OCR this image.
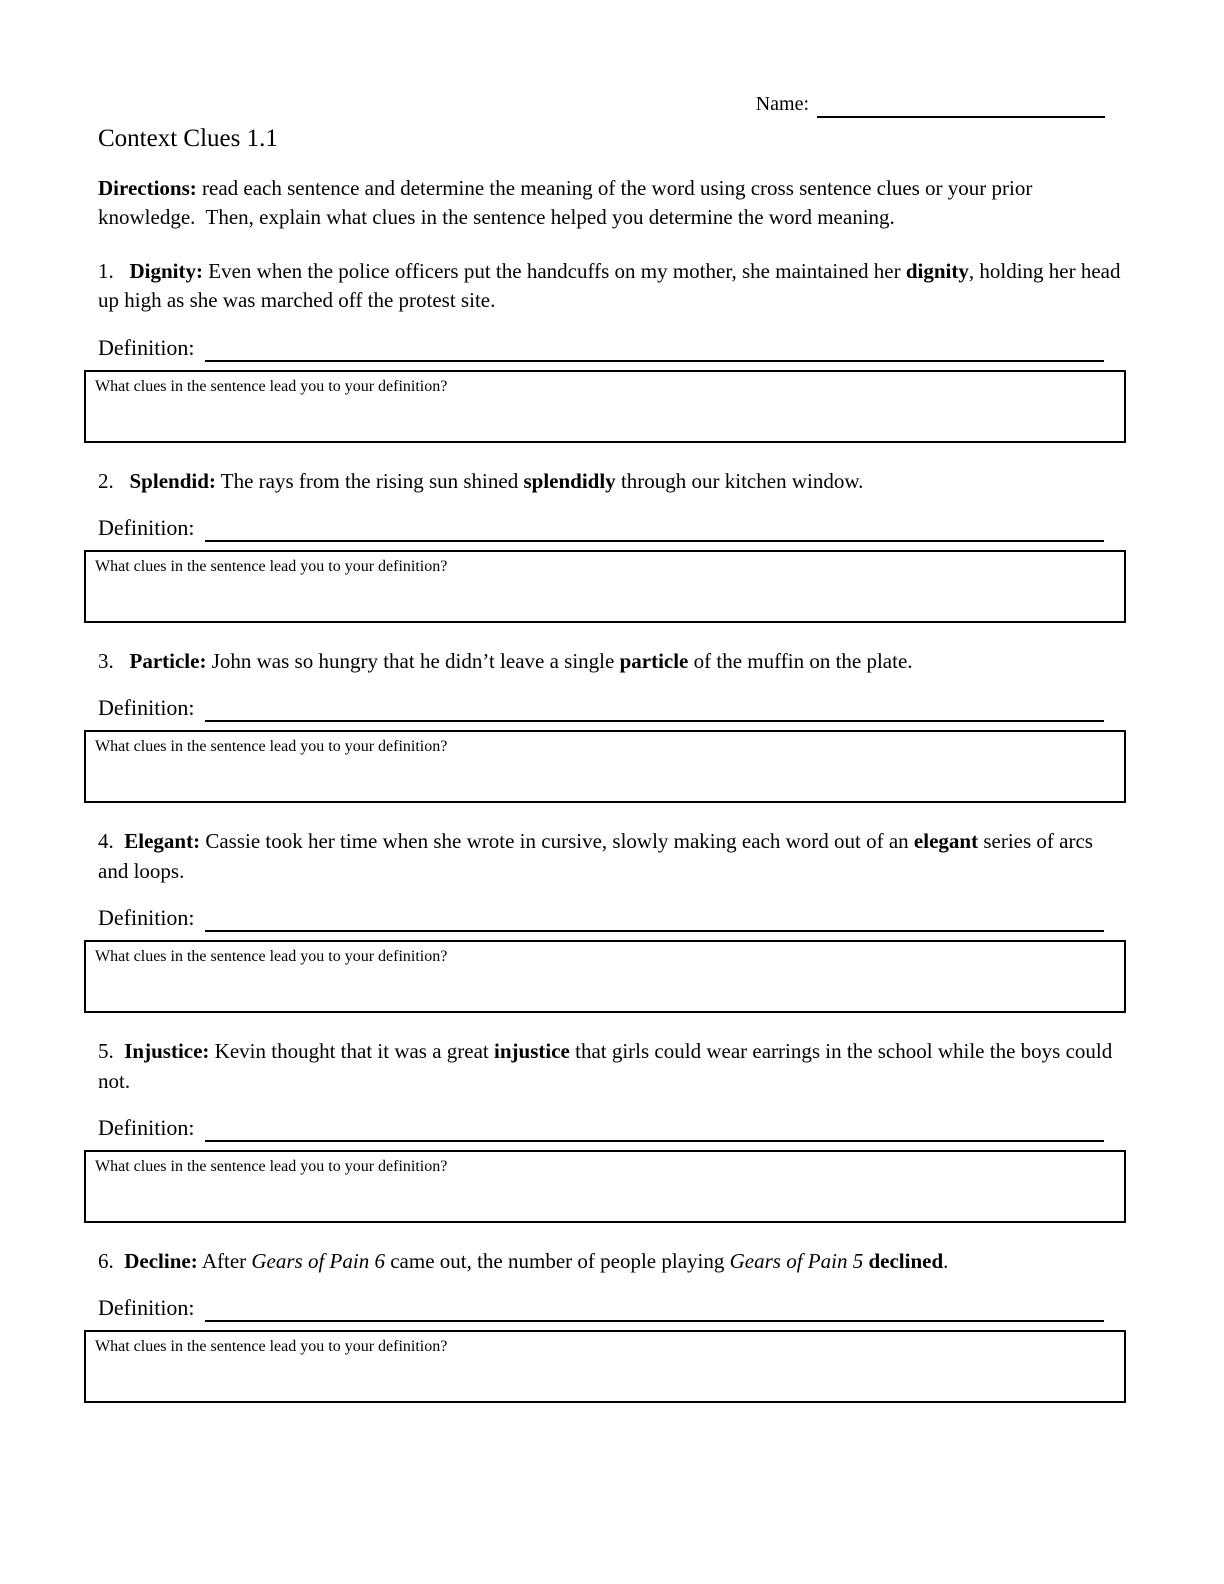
Name:
Context Clues 1.1

Directions: read each sentence and determine the meaning of the word using cross sentence clues or your prior knowledge.  Then, explain what clues in the sentence helped you determine the word meaning.

1.   Dignity: Even when the police officers put the handcuffs on my mother, she maintained her dignity, holding her head up high as she was marched off the protest site.

Definition:

What clues in the sentence lead you to your definition?

2.   Splendid: The rays from the rising sun shined splendidly through our kitchen window.

Definition:

What clues in the sentence lead you to your definition?

3.   Particle: John was so hungry that he didn’t leave a single particle of the muffin on the plate.

Definition:

What clues in the sentence lead you to your definition?

4.  Elegant: Cassie took her time when she wrote in cursive, slowly making each word out of an elegant series of arcs and loops.

Definition:

What clues in the sentence lead you to your definition?

5.  Injustice: Kevin thought that it was a great injustice that girls could wear earrings in the school while the boys could not.

Definition:

What clues in the sentence lead you to your definition?

6.  Decline: After Gears of Pain 6 came out, the number of people playing Gears of Pain 5 declined.

Definition:

What clues in the sentence lead you to your definition?
